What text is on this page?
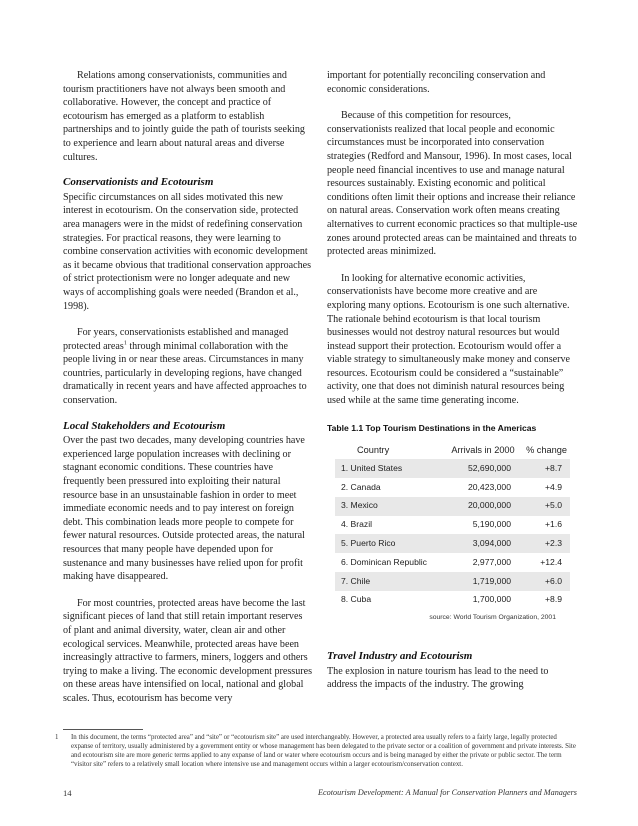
Relations among conservationists, communities and tourism practitioners have not always been smooth and collaborative. However, the concept and practice of ecotourism has emerged as a platform to establish partnerships and to jointly guide the path of tourists seeking to experience and learn about natural areas and diverse cultures.

Conservationists and Ecotourism

Specific circumstances on all sides motivated this new interest in ecotourism. On the conservation side, protected area managers were in the midst of redefining conservation strategies. For practical reasons, they were learning to combine conservation activities with economic development as it became obvious that traditional conservation approaches of strict protectionism were no longer adequate and new ways of accomplishing goals were needed (Brandon et al., 1998).

For years, conservationists established and managed protected areas$^1$ through minimal collaboration with the people living in or near these areas. Circumstances in many countries, particularly in developing regions, have changed dramatically in recent years and have affected approaches to conservation.

Local Stakeholders and Ecotourism

Over the past two decades, many developing countries have experienced large population increases with declining or stagnant economic conditions. These countries have frequently been pressured into exploiting their natural resource base in an unsustainable fashion in order to meet immediate economic needs and to pay interest on foreign debt. This combination leads more people to compete for fewer natural resources. Outside protected areas, the natural resources that many people have depended upon for sustenance and many businesses have relied upon for profit making have disappeared.

For most countries, protected areas have become the last significant pieces of land that still retain important reserves of plant and animal diversity, water, clean air and other ecological services. Meanwhile, protected areas have been increasingly attractive to farmers, miners, loggers and others trying to make a living. The economic development pressures on these areas have intensified on local, national and global scales. Thus, ecotourism has become very

important for potentially reconciling conservation and economic considerations.

Because of this competition for resources, conservationists realized that local people and economic circumstances must be incorporated into conservation strategies (Redford and Mansour, 1996). In most cases, local people need financial incentives to use and manage natural resources sustainably. Existing economic and political conditions often limit their options and increase their reliance on natural areas. Conservation work often means creating alternatives to current economic practices so that multiple-use zones around protected areas can be maintained and threats to protected areas minimized.

In looking for alternative economic activities, conservationists have become more creative and are exploring many options. Ecotourism is one such alternative. The rationale behind ecotourism is that local tourism businesses would not destroy natural resources but would instead support their protection. Ecotourism would offer a viable strategy to simultaneously make money and conserve resources. Ecotourism could be considered a “sustainable” activity, one that does not diminish natural resources being used while at the same time generating income.

Table 1.1 Top Tourism Destinations in the Americas
Country	Arrivals in 2000	% change
1. United States	52,690,000	+8.7
2. Canada	20,423,000	+4.9
3. Mexico	20,000,000	+5.0
4. Brazil	5,190,000	+1.6
5. Puerto Rico	3,094,000	+2.3
6. Dominican Republic	2,977,000	+12.4
7. Chile	1,719,000	+6.0
8. Cuba	1,700,000	+8.9
source: World Tourism Organization, 2001
Travel Industry and Ecotourism

The explosion in nature tourism has lead to the need to address the impacts of the industry. The growing

1 In this document, the terms “protected area” and “site” or “ecotourism site” are used interchangeably. However, a protected area usually refers to a fairly large, legally protected expanse of territory, usually administered by a government entity or whose management has been delegated to the private sector or a coalition of government and private interests. Site and ecotourism site are more generic terms applied to any expanse of land or water where ecotourism occurs and is being managed by either the private or public sector. The term “visitor site” refers to a relatively small location where intensive use and management occurs within a larger ecotourism/conservation context.
14	Ecotourism Development: A Manual for Conservation Planners and Managers
